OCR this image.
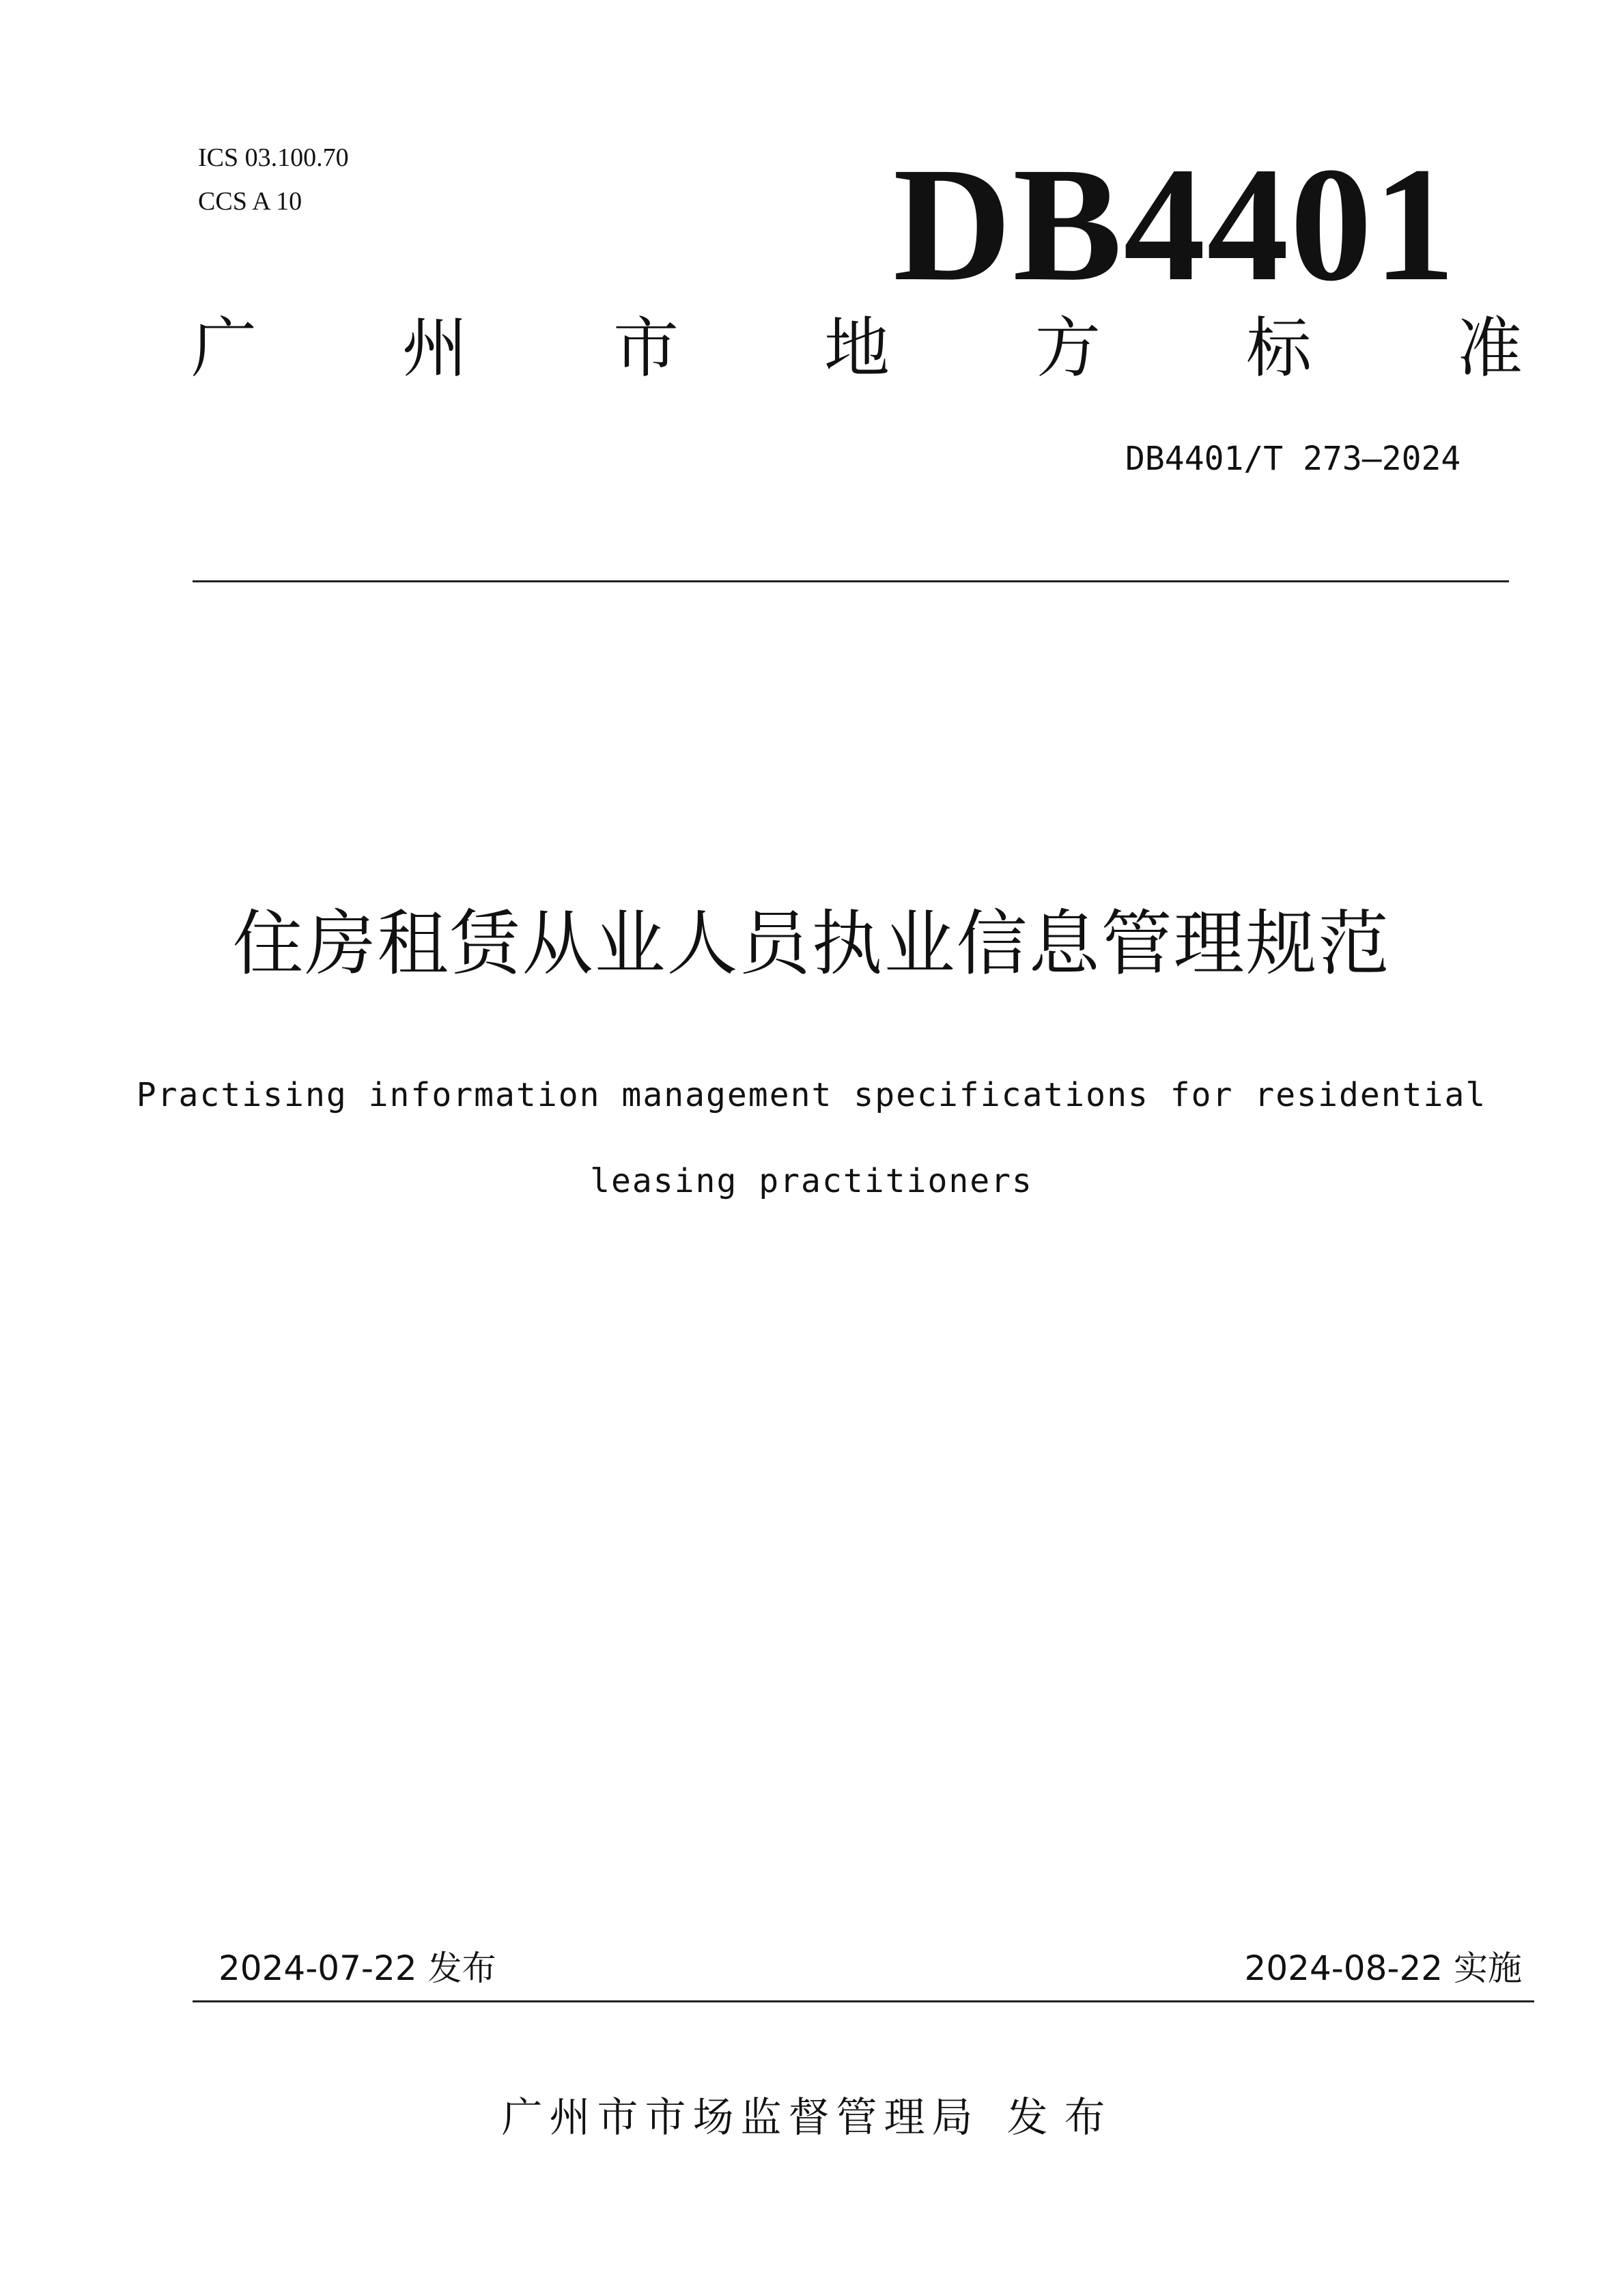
ICS 03.100.70
CCS A 10	DB4401
广 州 市 地 方 标 准
DB4401/T 273—2024
住房租赁从业人员执业信息管理规范
Practising information management specifications for residential
leasing practitioners
2024-07-22 发布	2024-08-22 实施
广州市市场监督管理局 发布
